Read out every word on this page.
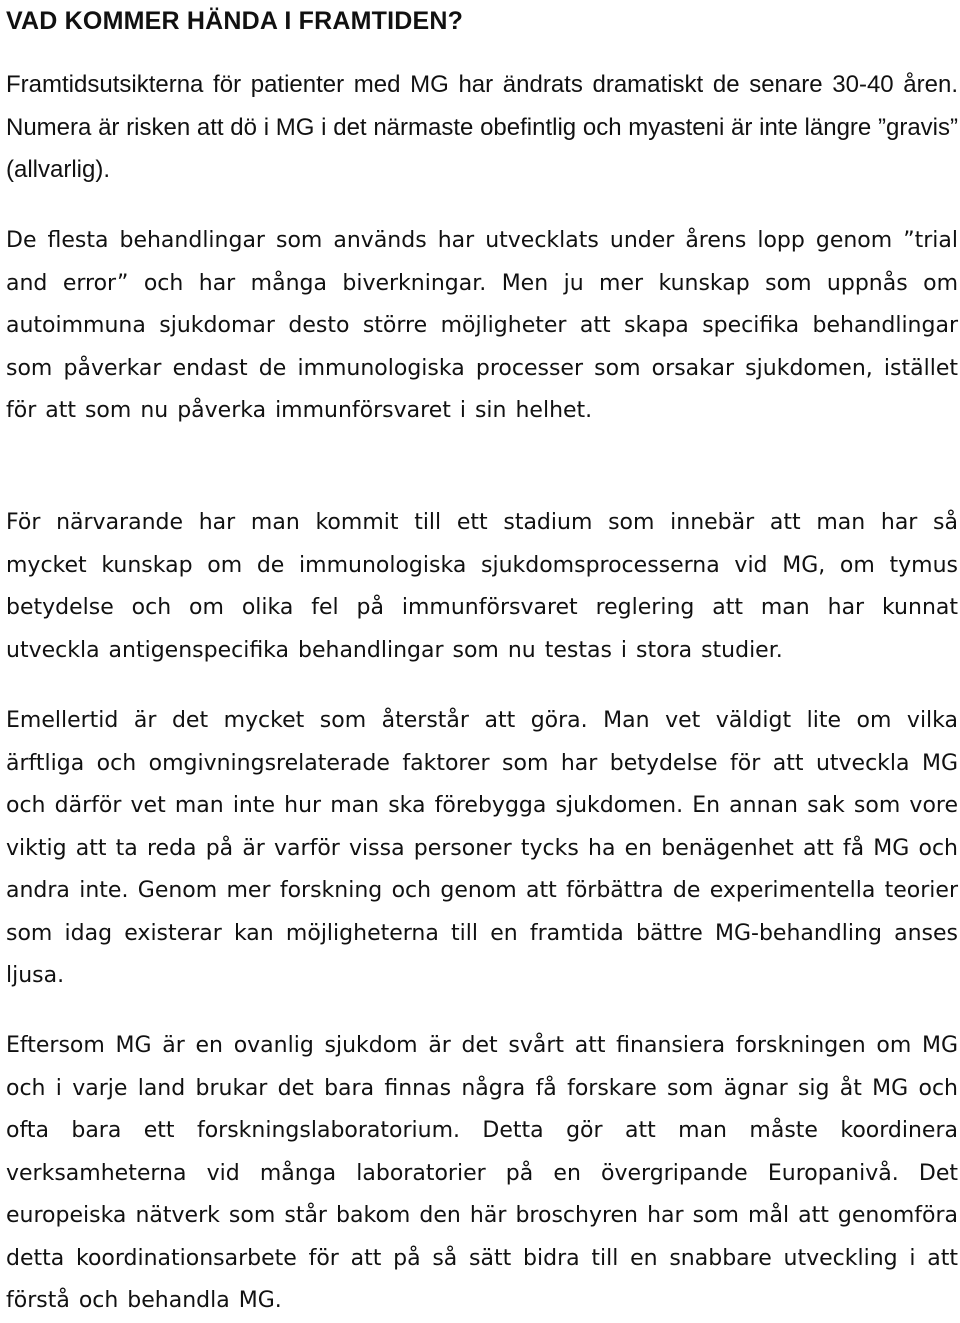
VAD KOMMER HÄNDA I FRAMTIDEN?

Framtidsutsikterna för patienter med MG har ändrats dramatiskt de senare 30-40 åren. Numera är risken att dö i MG i det närmaste obefintlig och myasteni är inte längre ”gravis” (allvarlig).

De flesta behandlingar som används har utvecklats under årens lopp genom ”trial and error” och har många biverkningar. Men ju mer kunskap som uppnås om autoimmuna sjukdomar desto större möjligheter att skapa specifika behandlingar som påverkar endast de immunologiska processer som orsakar sjukdomen, istället för att som nu påverka immunförsvaret i sin helhet.

För närvarande har man kommit till ett stadium som innebär att man har så mycket kunskap om de immunologiska sjukdomsprocesserna vid MG, om tymus betydelse och om olika fel på immunförsvaret reglering att man har kunnat utveckla antigenspecifika behandlingar som nu testas i stora studier.

Emellertid är det mycket som återstår att göra. Man vet väldigt lite om vilka ärftliga och omgivningsrelaterade faktorer som har betydelse för att utveckla MG och därför vet man inte hur man ska förebygga sjukdomen. En annan sak som vore viktig att ta reda på är varför vissa personer tycks ha en benägenhet att få MG och andra inte. Genom mer forskning och genom att förbättra de experimentella teorier som idag existerar kan möjligheterna till en framtida bättre MG-behandling anses ljusa.

Eftersom MG är en ovanlig sjukdom är det svårt att finansiera forskningen om MG och i varje land brukar det bara finnas några få forskare som ägnar sig åt MG och ofta bara ett forskningslaboratorium. Detta gör att man måste koordinera verksamheterna vid många laboratorier på en övergripande Europanivå. Det europeiska nätverk som står bakom den här broschyren har som mål att genomföra detta koordinationsarbete för att på så sätt bidra till en snabbare utveckling i att förstå och behandla MG.
